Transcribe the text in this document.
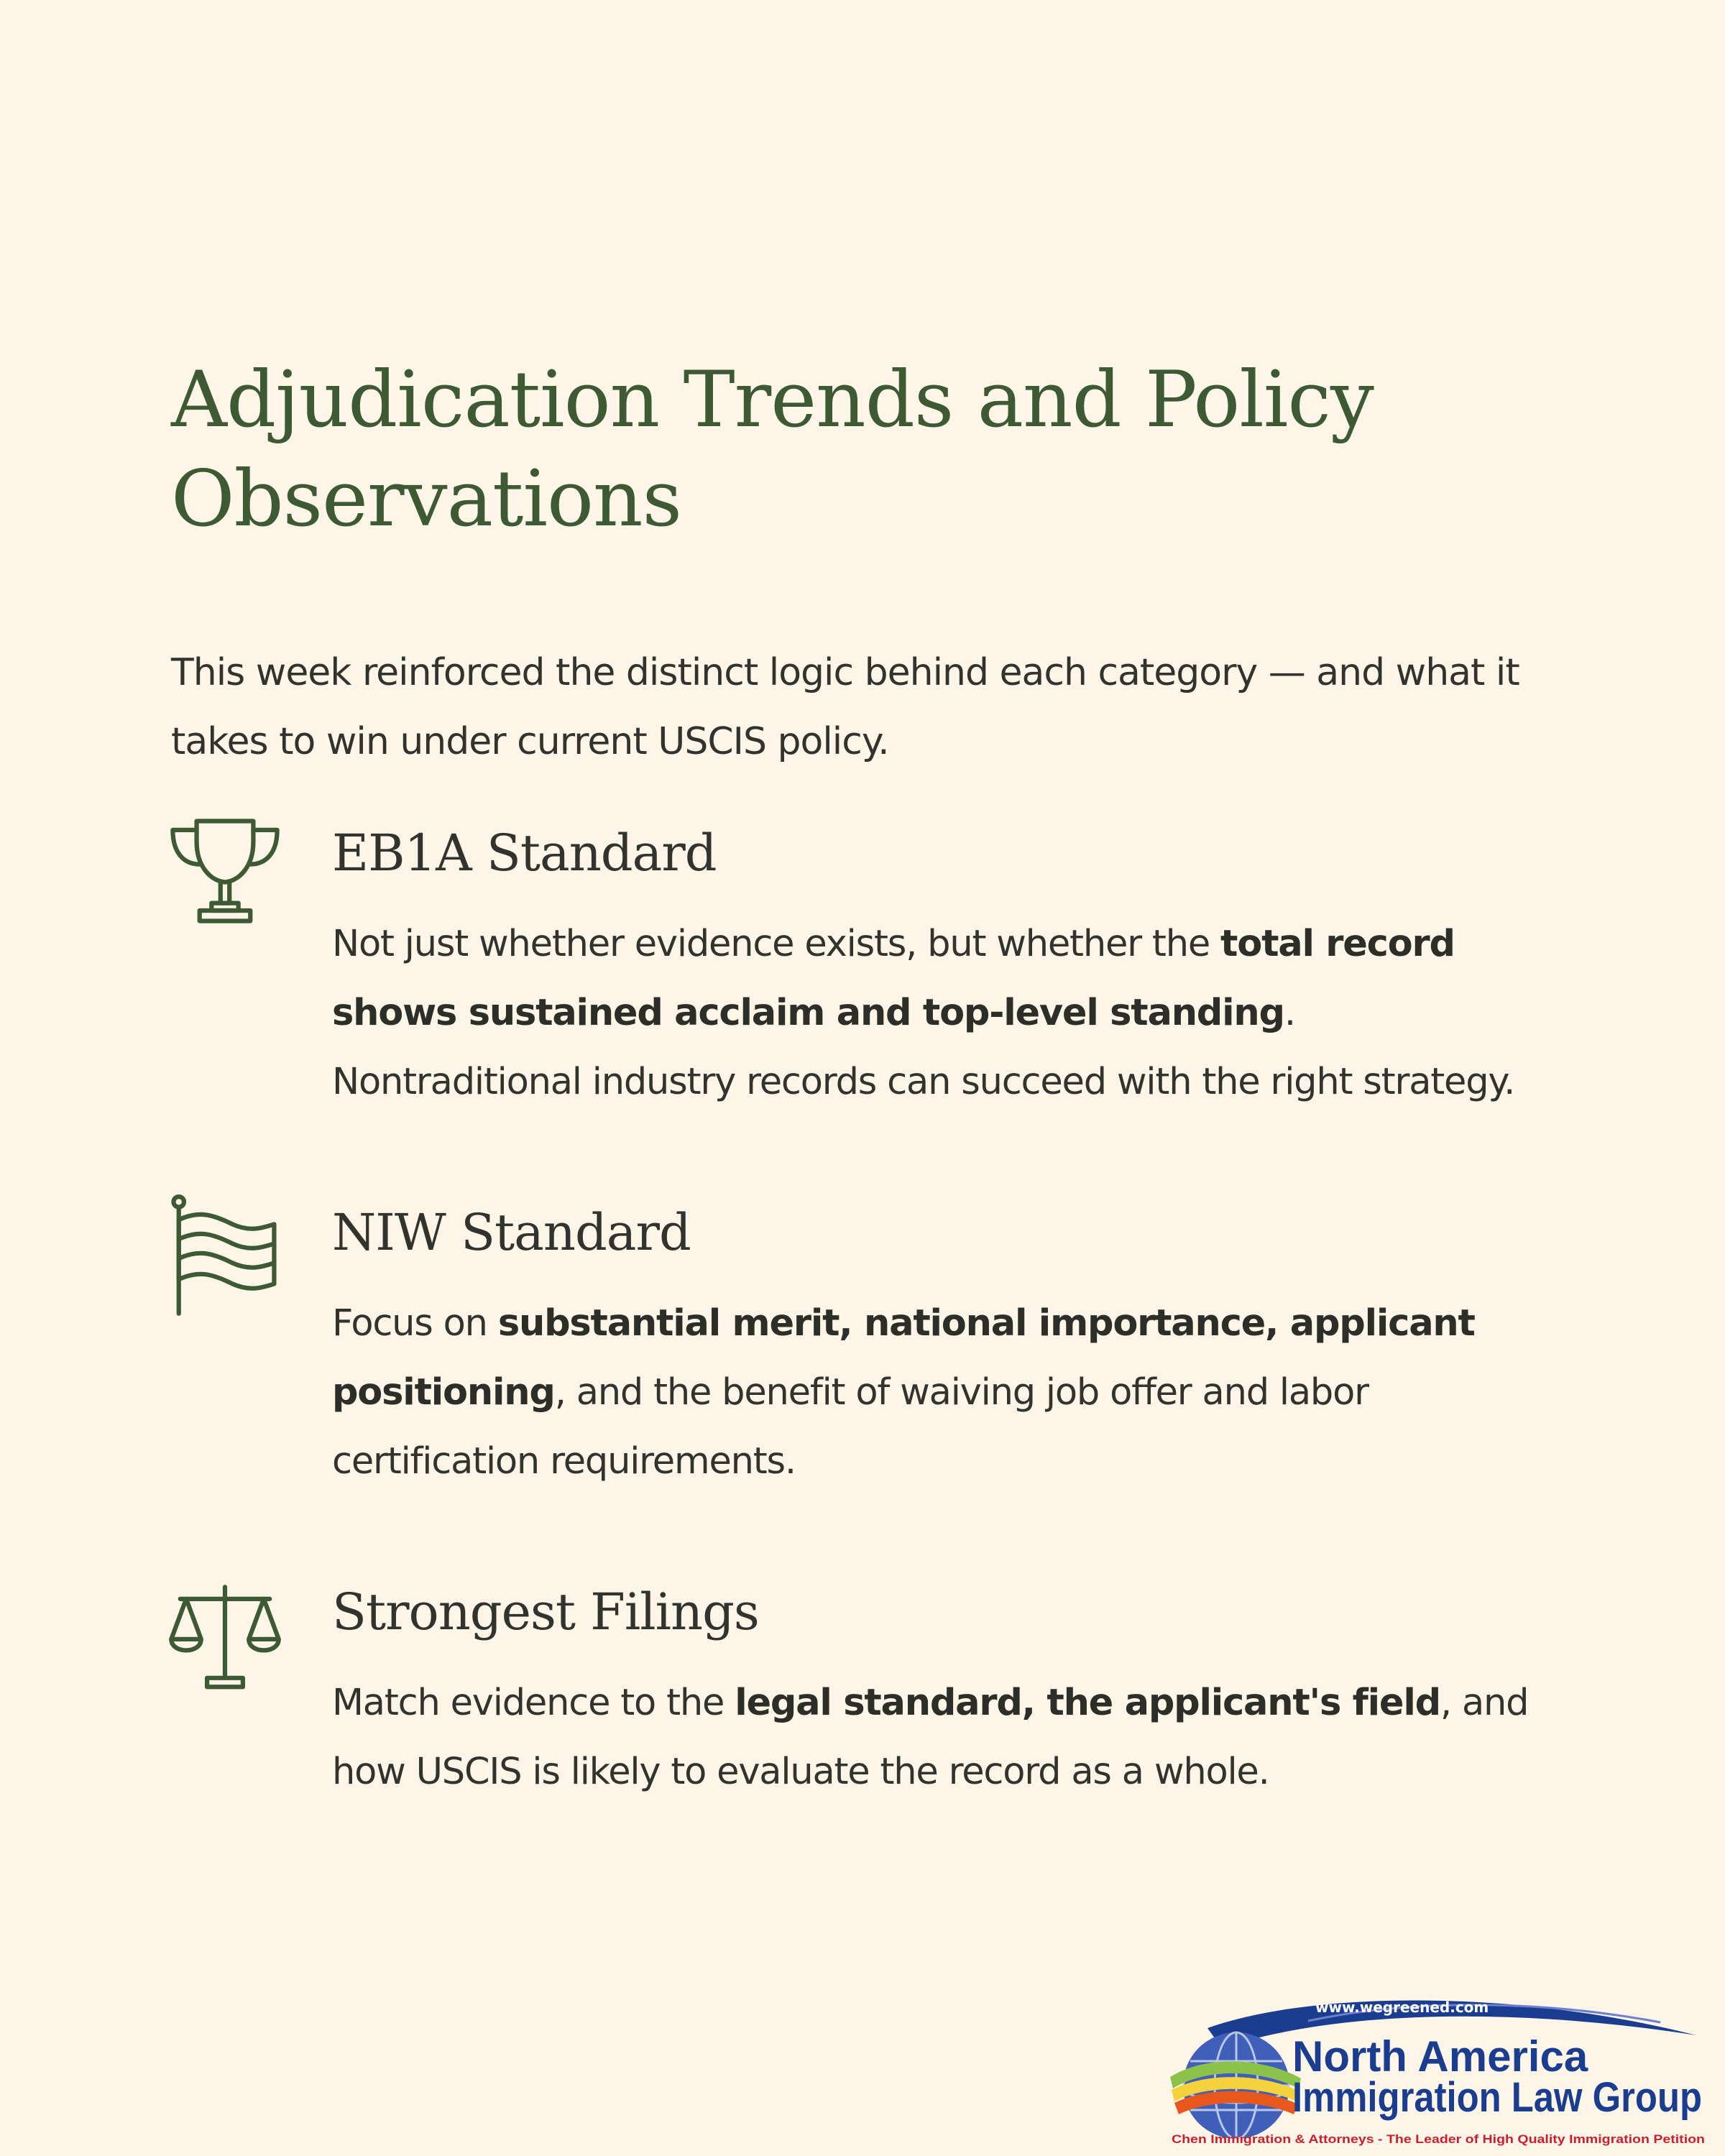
Adjudication Trends and Policy Observations

This week reinforced the distinct logic behind each category — and what it takes to win under current USCIS policy.

EB1A Standard

Not just whether evidence exists, but whether the total record shows sustained acclaim and top-level standing. Nontraditional industry records can succeed with the right strategy.

NIW Standard

Focus on substantial merit, national importance, applicant positioning, and the benefit of waiving job offer and labor certification requirements.

Strongest Filings

Match evidence to the legal standard, the applicant's field, and how USCIS is likely to evaluate the record as a whole.

www.wegreened.com
North America
Immigration Law Group
Chen Immigration & Attorneys - The Leader of High Quality Immigration Petition
